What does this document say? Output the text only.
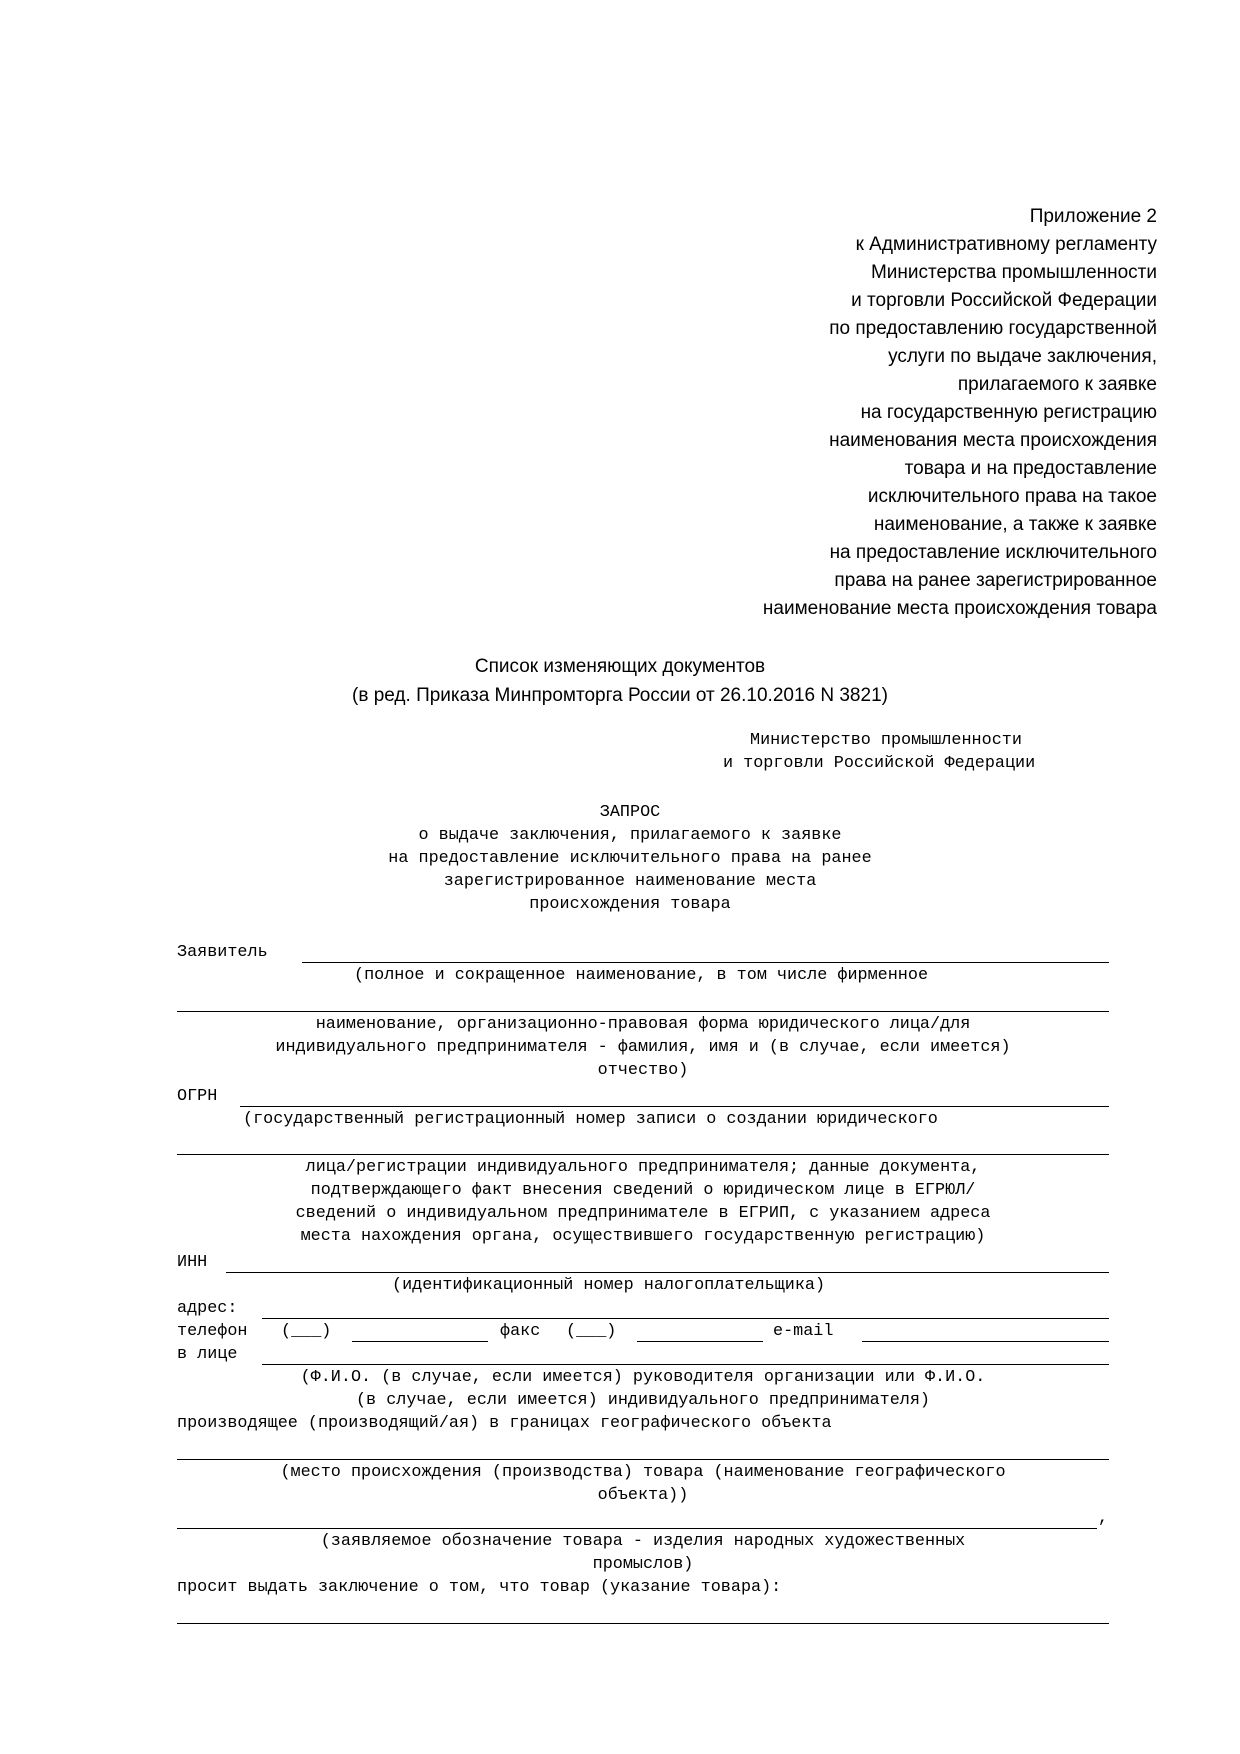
Приложение 2
к Административному регламенту
Министерства промышленности
и торговли Российской Федерации
по предоставлению государственной
услуги по выдаче заключения,
прилагаемого к заявке
на государственную регистрацию
наименования места происхождения
товара и на предоставление
исключительного права на такое
наименование, а также к заявке
на предоставление исключительного
права на ранее зарегистрированное
наименование места происхождения товара
Список изменяющих документов
(в ред. Приказа Минпромторга России от 26.10.2016 N 3821)
Министерство промышленности
и торговли Российской Федерации
ЗАПРОС
о выдаче заключения, прилагаемого к заявке
на предоставление исключительного права на ранее
зарегистрированное наименование места
происхождения товара
Заявитель
(полное и сокращенное наименование, в том числе фирменное
наименование, организационно-правовая форма юридического лица/для
индивидуального предпринимателя - фамилия, имя и (в случае, если имеется)
отчество)
ОГРН
(государственный регистрационный номер записи о создании юридического
лица/регистрации индивидуального предпринимателя; данные документа,
подтверждающего факт внесения сведений о юридическом лице в ЕГРЮЛ/
сведений о индивидуальном предпринимателе в ЕГРИП, с указанием адреса
места нахождения органа, осуществившего государственную регистрацию)
ИНН
(идентификационный номер налогоплательщика)
адрес:
телефон (___)	факс (___)	e-mail
в лице
(Ф.И.О. (в случае, если имеется) руководителя организации или Ф.И.О.
(в случае, если имеется) индивидуального предпринимателя)
производящее (производящий/ая) в границах географического объекта
(место происхождения (производства) товара (наименование географического
объекта))
,
(заявляемое обозначение товара - изделия народных художественных
промыслов)
просит выдать заключение о том, что товар (указание товара):
